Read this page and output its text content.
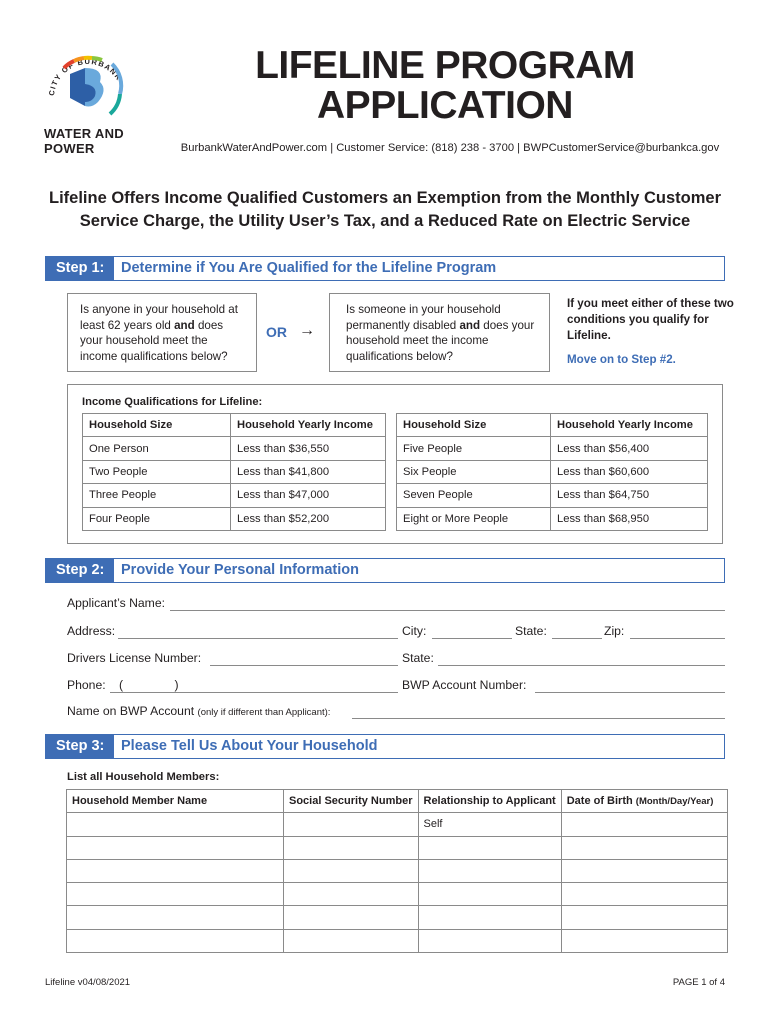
CITY OF BURBANK
WATER AND
POWER
LIFELINE PROGRAM
APPLICATION
BurbankWaterAndPower.com | Customer Service: (818) 238 - 3700 | BWPCustomerService@burbankca.gov
Lifeline Offers Income Qualified Customers an Exemption from the Monthly Customer
Service Charge, the Utility User’s Tax, and a Reduced Rate on Electric Service
Step 1:	Determine if You Are Qualified for the Lifeline Program
Is anyone in your household at least 62 years old and does your household meet the income qualifications below?
OR →
Is someone in your household permanently disabled and does your household meet the income qualifications below?
If you meet either of these two conditions you qualify for Lifeline.
Move on to Step #2.
Income Qualifications for Lifeline:
Household Size	Household Yearly Income
One Person	Less than $36,550
Two People	Less than $41,800
Three People	Less than $47,000
Four People	Less than $52,200
Household Size	Household Yearly Income
Five People	Less than $56,400
Six People	Less than $60,600
Seven People	Less than $64,750
Eight or More People	Less than $68,950
Step 2:	Provide Your Personal Information
Applicant’s Name:
Address:	City:	State:	Zip:
Drivers License Number:	State:
Phone: (	)	BWP Account Number:
Name on BWP Account (only if different than Applicant):
Step 3:	Please Tell Us About Your Household
List all Household Members:
Household Member Name	Social Security Number	Relationship to Applicant	Date of Birth (Month/Day/Year)
		Self	

Lifeline v04/08/2021	PAGE 1 of 4
